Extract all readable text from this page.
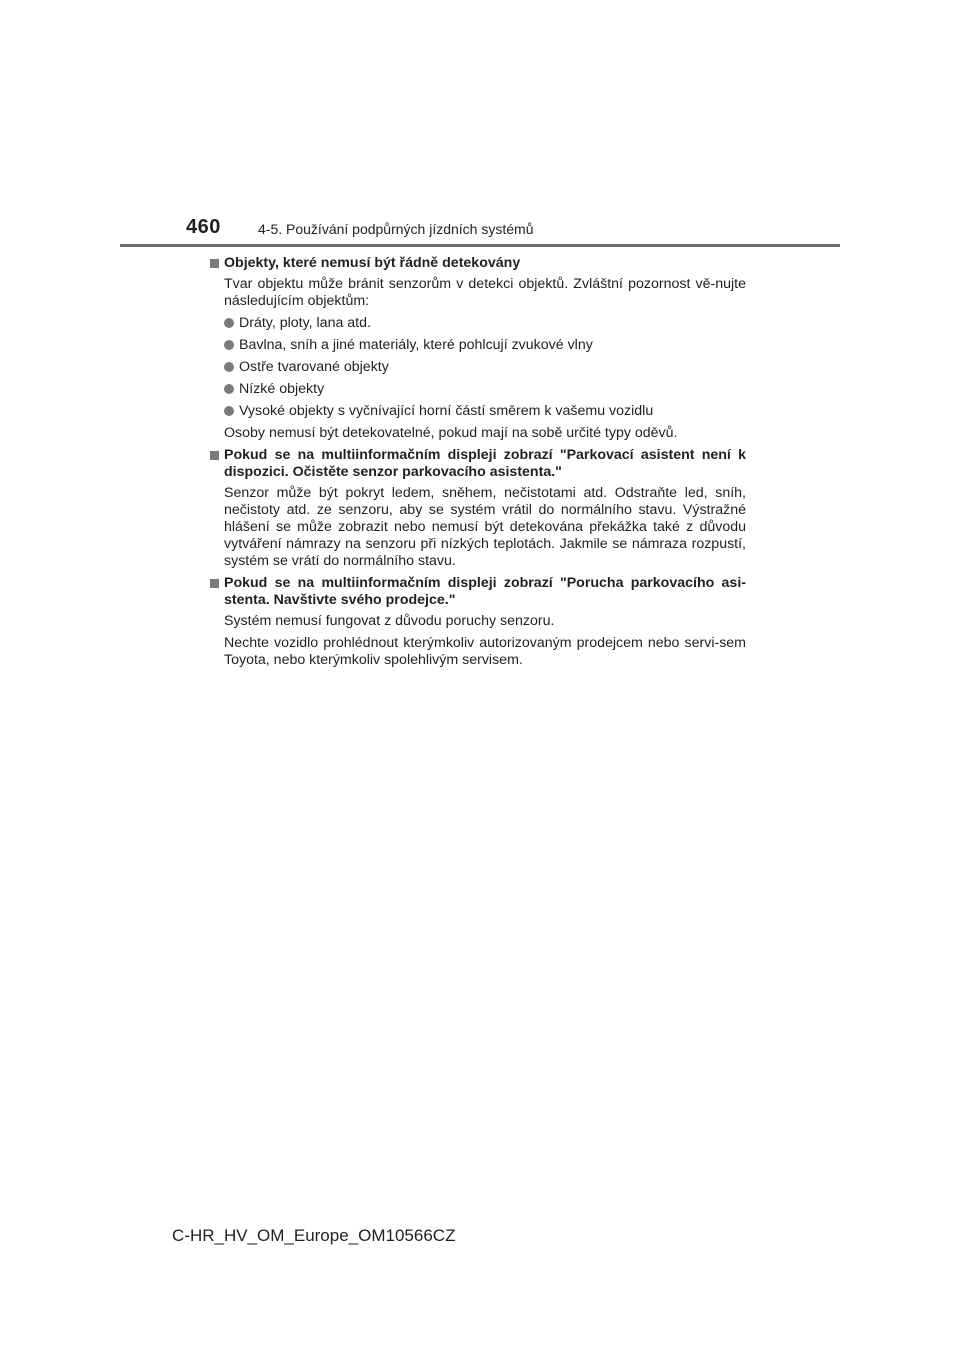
460	4-5. Používání podpůrných jízdních systémů
Objekty, které nemusí být řádně detekovány
Tvar objektu může bránit senzorům v detekci objektů. Zvláštní pozornost vě-nujte následujícím objektům:
Dráty, ploty, lana atd.
Bavlna, sníh a jiné materiály, které pohlcují zvukové vlny
Ostře tvarované objekty
Nízké objekty
Vysoké objekty s vyčnívající horní částí směrem k vašemu vozidlu
Osoby nemusí být detekovatelné, pokud mají na sobě určité typy oděvů.
Pokud se na multiinformačním displeji zobrazí "Parkovací asistent není k dispozici. Očistěte senzor parkovacího asistenta."
Senzor může být pokryt ledem, sněhem, nečistotami atd. Odstraňte led, sníh, nečistoty atd. ze senzoru, aby se systém vrátil do normálního stavu. Výstražné hlášení se může zobrazit nebo nemusí být detekována překážka také z důvodu vytváření námrazy na senzoru při nízkých teplotách. Jakmile se námraza rozpustí, systém se vrátí do normálního stavu.
Pokud se na multiinformačním displeji zobrazí "Porucha parkovacího asi-stenta. Navštivte svého prodejce."
Systém nemusí fungovat z důvodu poruchy senzoru.
Nechte vozidlo prohlédnout kterýmkoliv autorizovaným prodejcem nebo servi-sem Toyota, nebo kterýmkoliv spolehlivým servisem.
C-HR_HV_OM_Europe_OM10566CZ
